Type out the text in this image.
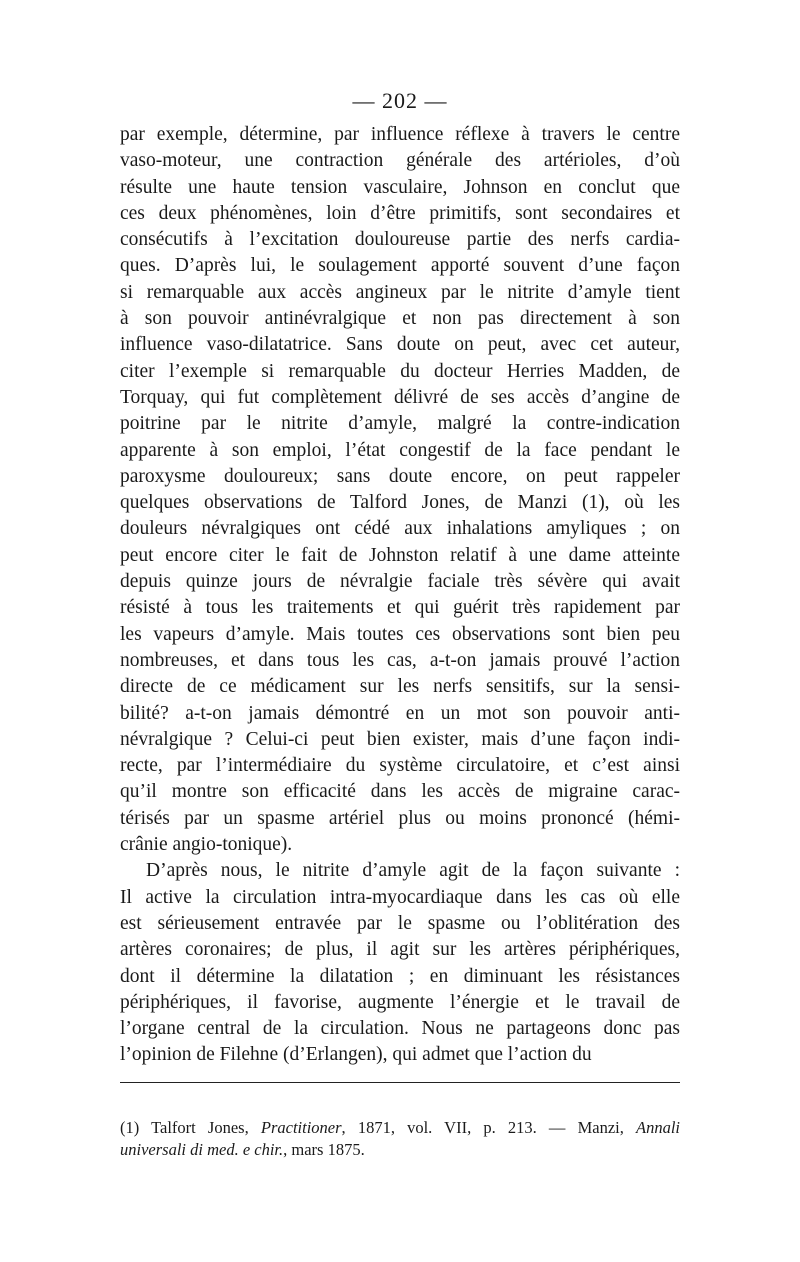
— 202 —
par exemple, détermine, par influence réflexe à travers le centre
vaso-moteur, une contraction générale des artérioles, d’où
résulte une haute tension vasculaire, Johnson en conclut que
ces deux phénomènes, loin d’être primitifs, sont secondaires et
consécutifs à l’excitation douloureuse partie des nerfs cardia-
ques. D’après lui, le soulagement apporté souvent d’une façon
si remarquable aux accès angineux par le nitrite d’amyle tient
à son pouvoir antinévralgique et non pas directement à son
influence vaso-dilatatrice. Sans doute on peut, avec cet auteur,
citer l’exemple si remarquable du docteur Herries Madden, de
Torquay, qui fut complètement délivré de ses accès d’angine de
poitrine par le nitrite d’amyle, malgré la contre-indication
apparente à son emploi, l’état congestif de la face pendant le
paroxysme douloureux; sans doute encore, on peut rappeler
quelques observations de Talford Jones, de Manzi (1), où les
douleurs névralgiques ont cédé aux inhalations amyliques ; on
peut encore citer le fait de Johnston relatif à une dame atteinte
depuis quinze jours de névralgie faciale très sévère qui avait
résisté à tous les traitements et qui guérit très rapidement par
les vapeurs d’amyle. Mais toutes ces observations sont bien peu
nombreuses, et dans tous les cas, a-t-on jamais prouvé l’action
directe de ce médicament sur les nerfs sensitifs, sur la sensi-
bilité? a-t-on jamais démontré en un mot son pouvoir anti-
névralgique ? Celui-ci peut bien exister, mais d’une façon indi-
recte, par l’intermédiaire du système circulatoire, et c’est ainsi
qu’il montre son efficacité dans les accès de migraine carac-
térisés par un spasme artériel plus ou moins prononcé (hémi-
crânie angio-tonique).
D’après nous, le nitrite d’amyle agit de la façon suivante :
Il active la circulation intra-myocardiaque dans les cas où elle
est sérieusement entravée par le spasme ou l’oblitération des
artères coronaires; de plus, il agit sur les artères périphériques,
dont il détermine la dilatation ; en diminuant les résistances
périphériques, il favorise, augmente l’énergie et le travail de
l’organe central de la circulation. Nous ne partageons donc pas
l’opinion de Filehne (d’Erlangen), qui admet que l’action du
(1) Talfort Jones, Practitioner, 1871, vol. VII, p. 213. — Manzi, Annali
universali di med. e chir., mars 1875.
